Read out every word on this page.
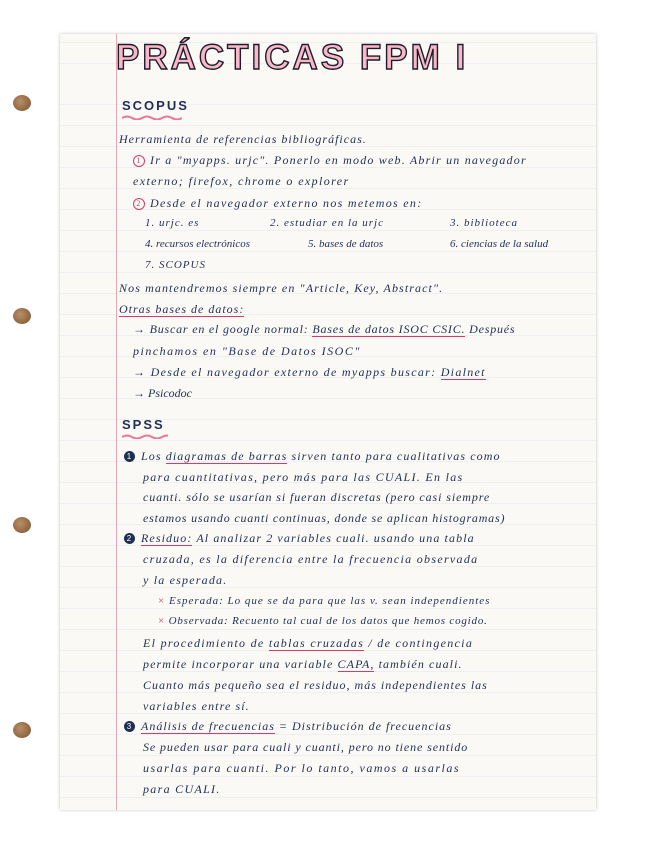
PRÁCTICAS FPM I
SCOPUS
Herramienta de referencias bibliográficas.
1 Ir a "myapps. urjc". Ponerlo en modo web. Abrir un navegador
externo; firefox, chrome o explorer
2 Desde el navegador externo nos metemos en:
1. urjc. es	2. estudiar en la urjc	3. biblioteca
4. recursos electrónicos	5. bases de datos	6. ciencias de la salud
7. SCOPUS
Nos mantendremos siempre en "Article, Key, Abstract".
Otras bases de datos:
→ Buscar en el google normal: Bases de datos ISOC CSIC. Después
pinchamos en "Base de Datos ISOC"
→ Desde el navegador externo de myapps buscar: Dialnet
→ Psicodoc
SPSS
1 Los diagramas de barras sirven tanto para cualitativas como
para cuantitativas, pero más para las CUALI. En las
cuanti. sólo se usarían si fueran discretas (pero casi siempre
estamos usando cuanti continuas, donde se aplican histogramas)
2 Residuo: Al analizar 2 variables cuali. usando una tabla
cruzada, es la diferencia entre la frecuencia observada
y la esperada.
× Esperada: Lo que se da para que las v. sean independientes
× Observada: Recuento tal cual de los datos que hemos cogido.
El procedimiento de tablas cruzadas / de contingencia
permite incorporar una variable CAPA, también cuali.
Cuanto más pequeño sea el residuo, más independientes las
variables entre sí.
3 Análisis de frecuencias = Distribución de frecuencias
Se pueden usar para cuali y cuanti, pero no tiene sentido
usarlas para cuanti. Por lo tanto, vamos a usarlas
para CUALI.
